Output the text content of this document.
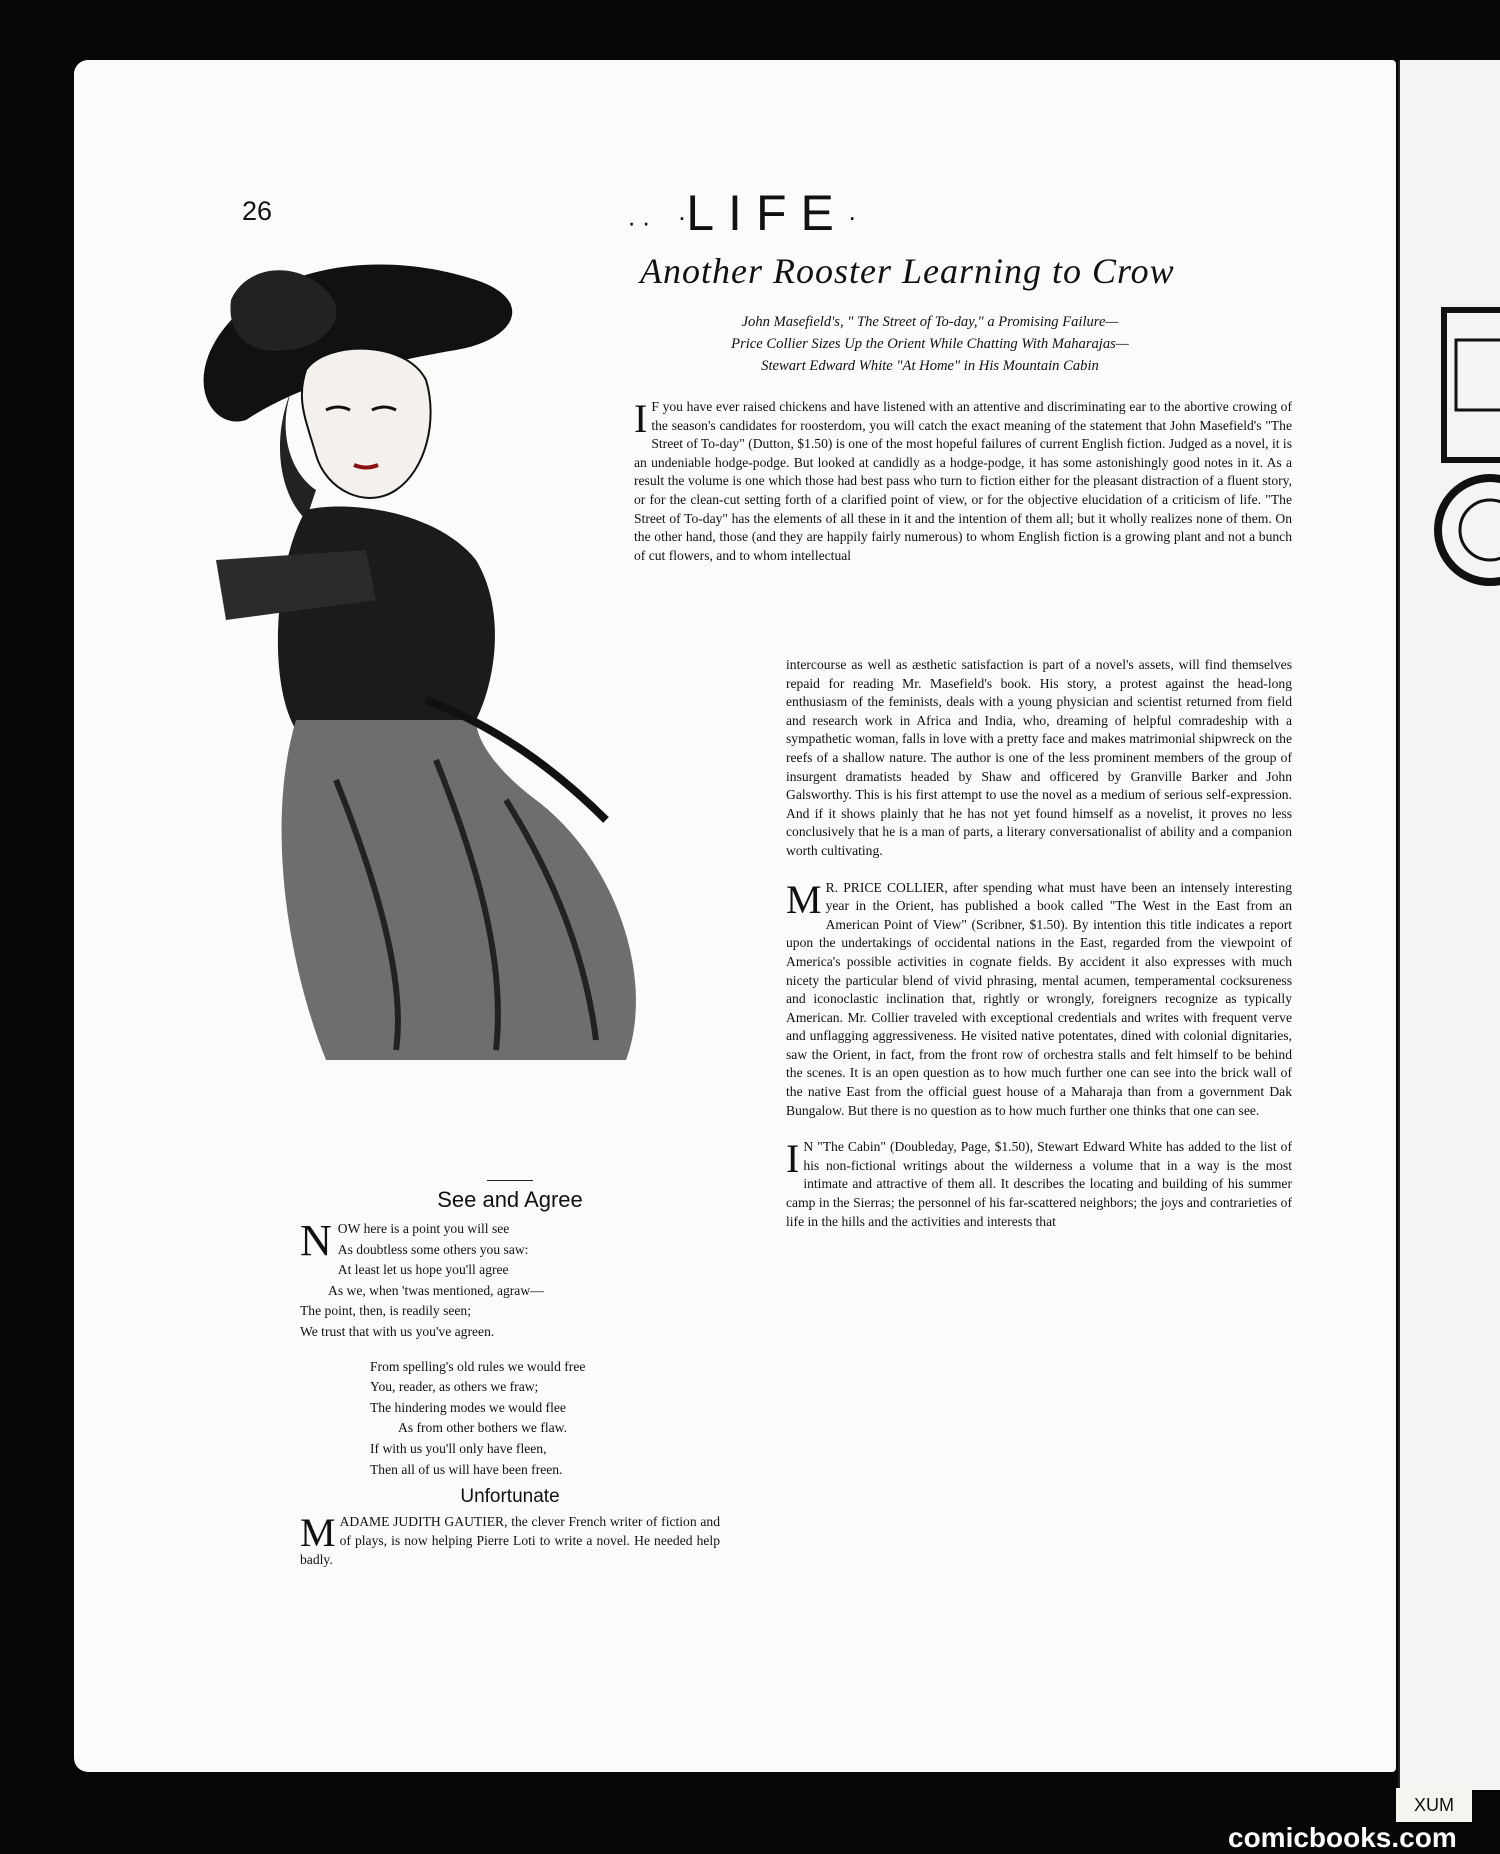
26	. . ·LIFE·
Another Rooster Learning to Crow
John Masefield's, " The Street of To-day," a Promising Failure—
Price Collier Sizes Up the Orient While Chatting With Maharajas—
Stewart Edward White "At Home" in His Mountain Cabin

I F you have ever raised chickens and have listened with an attentive and discriminating ear to the abortive crowing of the season's candidates for roosterdom, you will catch the exact meaning of the statement that John Masefield's "The Street of To-day" (Dutton, $1.50) is one of the most hopeful failures of current English fiction. Judged as a novel, it is an undeniable hodge-podge. But looked at candidly as a hodge-podge, it has some astonishingly good notes in it. As a result the volume is one which those had best pass who turn to fiction either for the pleasant distraction of a fluent story, or for the clean-cut setting forth of a clarified point of view, or for the objective elucidation of a criticism of life. "The Street of To-day" has the elements of all these in it and the intention of them all; but it wholly realizes none of them. On the other hand, those (and they are happily fairly numerous) to whom English fiction is a growing plant and not a bunch of cut flowers, and to whom intellectual

intercourse as well as æsthetic satisfaction is part of a novel's assets, will find themselves repaid for reading Mr. Masefield's book. His story, a protest against the head-long enthusiasm of the feminists, deals with a young physician and scientist returned from field and research work in Africa and India, who, dreaming of helpful comradeship with a sympathetic woman, falls in love with a pretty face and makes matrimonial shipwreck on the reefs of a shallow nature. The author is one of the less prominent members of the group of insurgent dramatists headed by Shaw and officered by Granville Barker and John Galsworthy. This is his first attempt to use the novel as a medium of serious self-expression. And if it shows plainly that he has not yet found himself as a novelist, it proves no less conclusively that he is a man of parts, a literary conversationalist of ability and a companion worth cultivating.

M R. PRICE COLLIER, after spending what must have been an intensely interesting year in the Orient, has published a book called "The West in the East from an American Point of View" (Scribner, $1.50). By intention this title indicates a report upon the undertakings of occidental nations in the East, regarded from the viewpoint of America's possible activities in cognate fields. By accident it also expresses with much nicety the particular blend of vivid phrasing, mental acumen, temperamental cocksureness and iconoclastic inclination that, rightly or wrongly, foreigners recognize as typically American. Mr. Collier traveled with exceptional credentials and writes with frequent verve and unflagging aggressiveness. He visited native potentates, dined with colonial dignitaries, saw the Orient, in fact, from the front row of orchestra stalls and felt himself to be behind the scenes. It is an open question as to how much further one can see into the brick wall of the native East from the official guest house of a Maharaja than from a government Dak Bungalow. But there is no question as to how much further one thinks that one can see.

I N "The Cabin" (Doubleday, Page, $1.50), Stewart Edward White has added to the list of his non-fictional writings about the wilderness a volume that in a way is the most intimate and attractive of them all. It describes the locating and building of his summer camp in the Sierras; the personnel of his far-scattered neighbors; the joys and contrarieties of life in the hills and the activities and interests that

See and Agree
N OW here is a point you will see
As doubtless some others you saw:
At least let us hope you'll agree
As we, when 'twas mentioned, agraw—
The point, then, is readily seen;
We trust that with us you've agreen.
From spelling's old rules we would free
You, reader, as others we fraw;
The hindering modes we would flee
As from other bothers we flaw.
If with us you'll only have fleen,
Then all of us will have been freen.
Unfortunate
MADAME JUDITH GAUTIER, the clever French writer of fiction and of plays, is now helping Pierre Loti to write a novel. He needed help badly.
XUM
comicbooks.com
